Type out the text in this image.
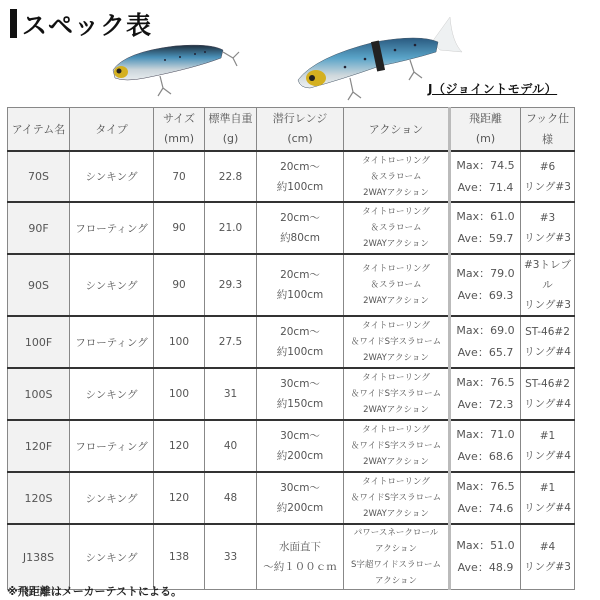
スペック表
J（ジョイントモデル）
アイテム名	タイプ	サイズ
(mm)	標準自重
(g)	潜行レンジ
(cm)	アクション	飛距離
(m)	フック仕様
70S	シンキング	70	22.8	20cm～
約100cm	タイトローリング
＆スラローム
2WAYアクション	Max：74.5
Ave：71.4	#6
リング#3

90F	フローティング	90	21.0	20cm～
約80cm	タイトローリング
＆スラローム
2WAYアクション	Max：61.0
Ave：59.7	#3
リング#3

90S	シンキング	90	29.3	20cm～
約100cm	タイトローリング
＆スラローム
2WAYアクション	Max：79.0
Ave：69.3	#3トレブル
リング#3

100F	フローティング	100	27.5	20cm～
約100cm	タイトローリング
＆ワイドS字スラローム
2WAYアクション	Max：69.0
Ave：65.7	ST-46#2
リング#4

100S	シンキング	100	31	30cm～
約150cm	タイトローリング
＆ワイドS字スラローム
2WAYアクション	Max：76.5
Ave：72.3	ST-46#2
リング#4

120F	フローティング	120	40	30cm～
約200cm	タイトローリング
＆ワイドS字スラローム
2WAYアクション	Max：71.0
Ave：68.6	#1
リング#4

120S	シンキング	120	48	30cm～
約200cm	タイトローリング
＆ワイドS字スラローム
2WAYアクション	Max：76.5
Ave：74.6	#1
リング#4

J138S	シンキング	138	33	水面直下
～約１００ｃｍ	パワースネークロール
アクション
S字超ワイドスラローム
アクション	Max：51.0
Ave：48.9	#4
リング#3
※飛距離はメーカーテストによる。
